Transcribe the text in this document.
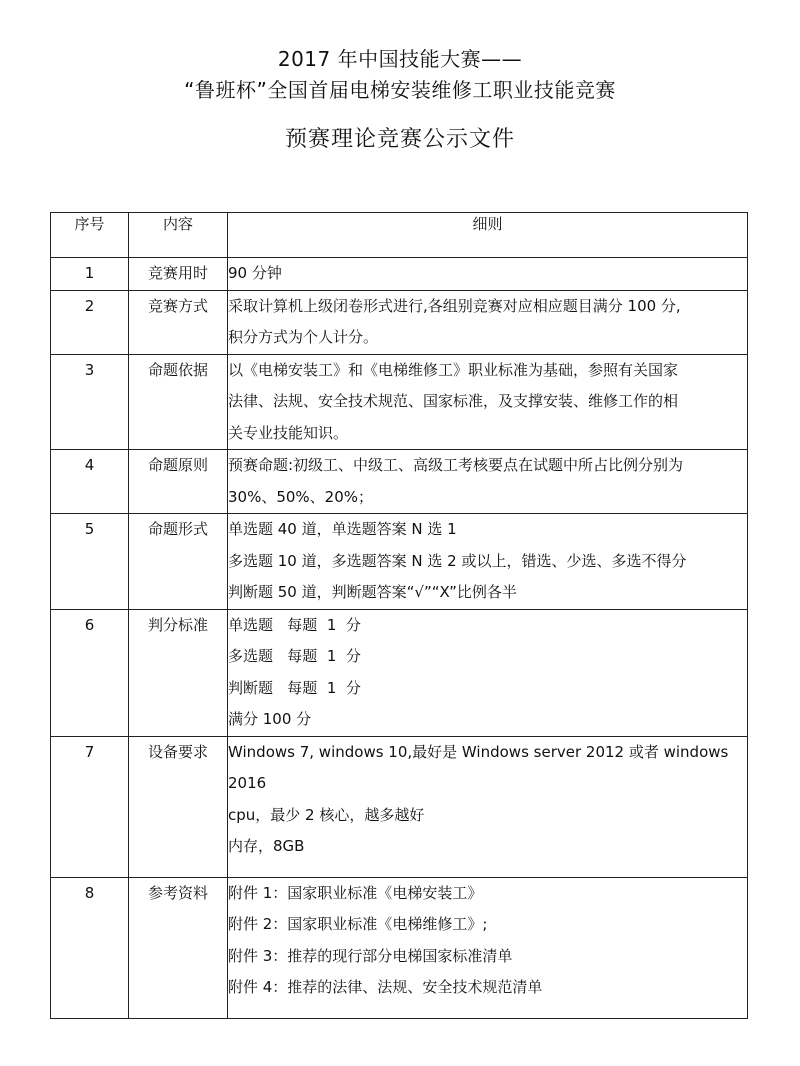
2017 年中国技能大赛——
“鲁班杯”全国首届电梯安装维修工职业技能竞赛
预赛理论竞赛公示文件
序号	内容	细则

1	竞赛用时	90 分钟

2	竞赛方式	采取计算机上级闭卷形式进行,各组别竞赛对应相应题目满分 100 分,
积分方式为个人计分。

3	命题依据	以《电梯安装工》和《电梯维修工》职业标准为基础，参照有关国家
法律、法规、安全技术规范、国家标准，及支撑安装、维修工作的相
关专业技能知识。

4	命题原则	预赛命题:初级工、中级工、高级工考核要点在试题中所占比例分别为
30%、50%、20%；

5	命题形式	单选题 40 道，单选题答案 N 选 1
多选题 10 道，多选题答案 N 选 2 或以上，错选、少选、多选不得分
判断题 50 道，判断题答案“√”“X”比例各半

6	判分标准	单选题   每题  1  分
多选题   每题  1  分
判断题   每题  1  分
满分 100 分

7	设备要求	Windows 7, windows 10,最好是 Windows server 2012 或者 windows
2016
cpu，最少 2 核心，越多越好
内存，8GB

8	参考资料	附件 1：国家职业标准《电梯安装工》
附件 2：国家职业标准《电梯维修工》;
附件 3：推荐的现行部分电梯国家标准清单
附件 4：推荐的法律、法规、安全技术规范清单
